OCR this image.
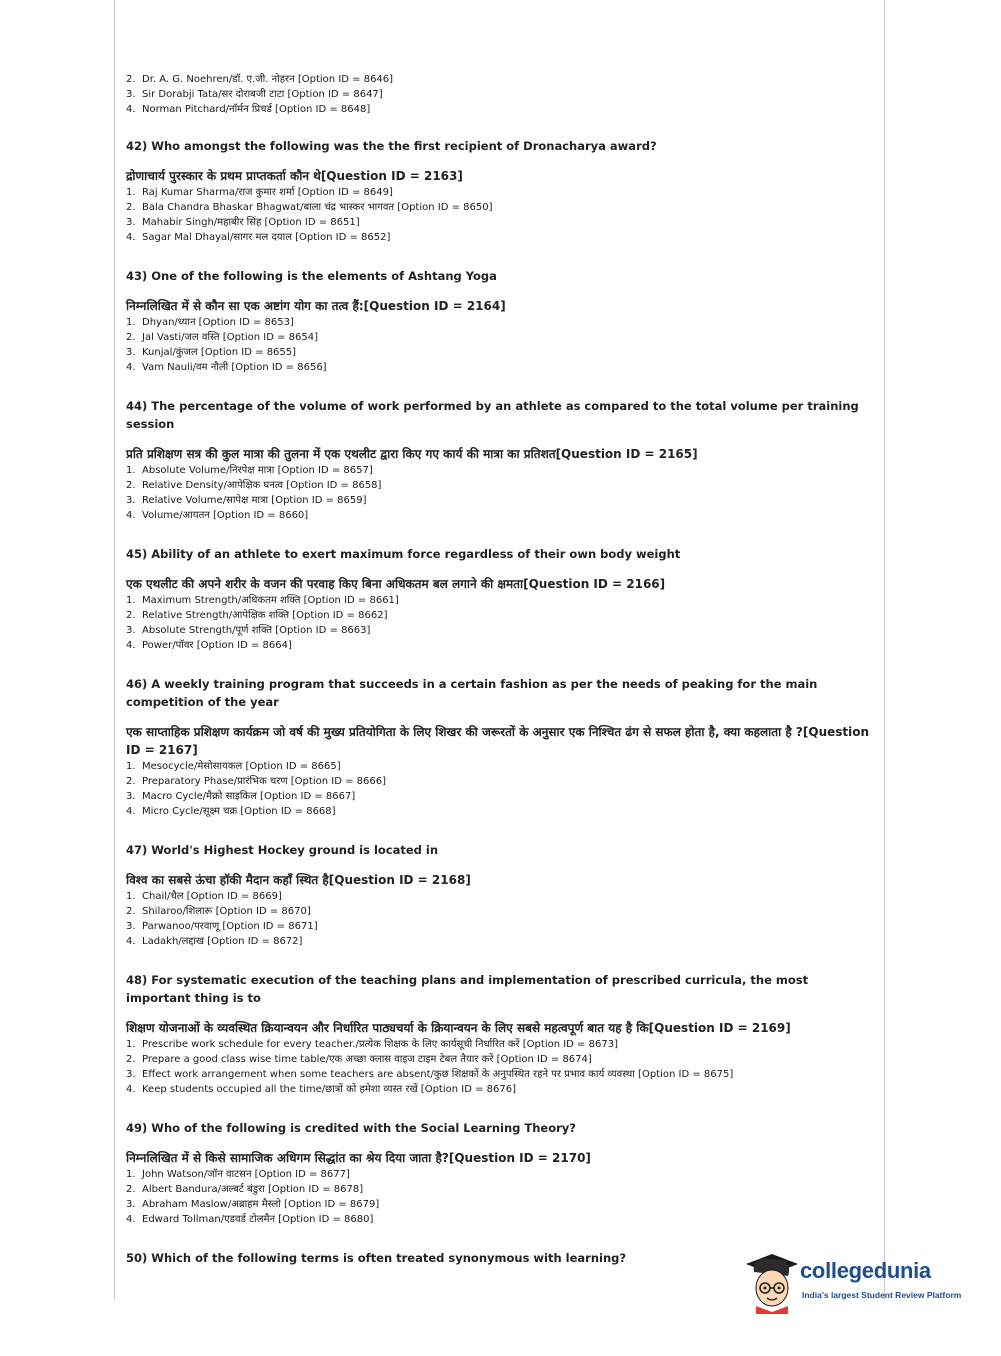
2. Dr. A. G. Noehren/डॉ. ए.जी. नोहरन [Option ID = 8646]
3. Sir Dorabji Tata/सर दोराबजी टाटा [Option ID = 8647]
4. Norman Pitchard/नॉर्मन प्रिचर्ड [Option ID = 8648]
42) Who amongst the following was the the first recipient of Dronacharya award?
द्रोणाचार्य पुरस्कार के प्रथम प्राप्तकर्ता कौन थे[Question ID = 2163]
1. Raj Kumar Sharma/राज कुमार शर्मा [Option ID = 8649]
2. Bala Chandra Bhaskar Bhagwat/बाला चंद्र भास्कर भागवत [Option ID = 8650]
3. Mahabir Singh/महाबीर सिंह [Option ID = 8651]
4. Sagar Mal Dhayal/सागर मल दयाल [Option ID = 8652]
43) One of the following is the elements of Ashtang Yoga
निम्नलिखित में से कौन सा एक अष्टांग योग का तत्व हैं:[Question ID = 2164]
1. Dhyan/ध्यान [Option ID = 8653]
2. Jal Vasti/जल वस्ति [Option ID = 8654]
3. Kunjal/कुंजल [Option ID = 8655]
4. Vam Nauli/वम नौली [Option ID = 8656]
44) The percentage of the volume of work performed by an athlete as compared to the total volume per training session
प्रति प्रशिक्षण सत्र की कुल मात्रा की तुलना में एक एथलीट द्वारा किए गए कार्य की मात्रा का प्रतिशत[Question ID = 2165]
1. Absolute Volume/निरपेक्ष मात्रा [Option ID = 8657]
2. Relative Density/आपेक्षिक घनत्व [Option ID = 8658]
3. Relative Volume/सापेक्ष मात्रा [Option ID = 8659]
4. Volume/आयतन [Option ID = 8660]
45) Ability of an athlete to exert maximum force regardless of their own body weight
एक एथलीट की अपने शरीर के वजन की परवाह किए बिना अधिकतम बल लगाने की क्षमता[Question ID = 2166]
1. Maximum Strength/अधिकतम शक्ति [Option ID = 8661]
2. Relative Strength/आपेक्षिक शक्ति [Option ID = 8662]
3. Absolute Strength/पूर्ण शक्ति [Option ID = 8663]
4. Power/पॉवर [Option ID = 8664]
46) A weekly training program that succeeds in a certain fashion as per the needs of peaking for the main competition of the year
एक साप्ताहिक प्रशिक्षण कार्यक्रम जो वर्ष की मुख्य प्रतियोगिता के लिए शिखर की जरूरतों के अनुसार एक निश्चित ढंग से सफल होता है, क्या कहलाता है ?[Question ID = 2167]
1. Mesocycle/मेसोसायकल [Option ID = 8665]
2. Preparatory Phase/प्रारंभिक चरण [Option ID = 8666]
3. Macro Cycle/मैक्रो साइकिल [Option ID = 8667]
4. Micro Cycle/सूक्ष्म चक्र [Option ID = 8668]
47) World's Highest Hockey ground is located in
विश्व का सबसे ऊंचा हॉकी मैदान कहाँ स्थित है[Question ID = 2168]
1. Chail/चैल [Option ID = 8669]
2. Shilaroo/शिलारू [Option ID = 8670]
3. Parwanoo/परवाणू [Option ID = 8671]
4. Ladakh/लद्दाख [Option ID = 8672]
48) For systematic execution of the teaching plans and implementation of prescribed curricula, the most important thing is to
शिक्षण योजनाओं के व्यवस्थित क्रियान्वयन और निर्धारित पाठ्यचर्या के क्रियान्वयन के लिए सबसे महत्वपूर्ण बात यह है कि[Question ID = 2169]
1. Prescribe work schedule for every teacher./प्रत्येक शिक्षक के लिए कार्यसूची निर्धारित करें [Option ID = 8673]
2. Prepare a good class wise time table/एक अच्छा क्लास वाइज टाइम टेबल तैयार करें [Option ID = 8674]
3. Effect work arrangement when some teachers are absent/कुछ शिक्षकों के अनुपस्थित रहने पर प्रभाव कार्य व्यवस्था [Option ID = 8675]
4. Keep students occupied all the time/छात्रों को हमेशा व्यस्त रखें [Option ID = 8676]
49) Who of the following is credited with the Social Learning Theory?
निम्नलिखित में से किसे सामाजिक अधिगम सिद्धांत का श्रेय दिया जाता है?[Question ID = 2170]
1. John Watson/जॉन वाटसन [Option ID = 8677]
2. Albert Bandura/अल्बर्ट बंडुरा [Option ID = 8678]
3. Abraham Maslow/अब्राहम मैस्लो [Option ID = 8679]
4. Edward Tollman/एडवर्ड टोलमैन [Option ID = 8680]
50) Which of the following terms is often treated synonymous with learning?	collegedunia
India's largest Student Review Platform
